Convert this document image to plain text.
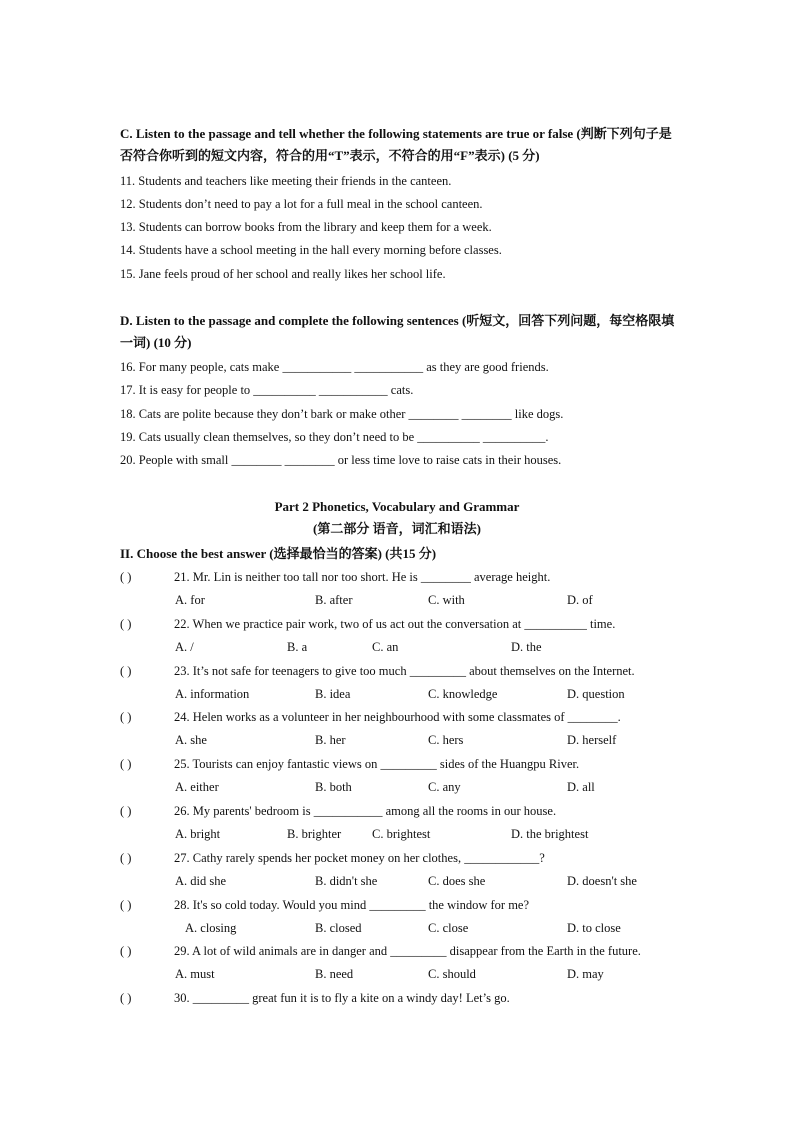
C. Listen to the passage and tell whether the following statements are true or false (判断下列句子是否符合你听到的短文内容，符合的用“T”表示，不符合的用“F”表示) (5 分)
11. Students and teachers like meeting their friends in the canteen.
12. Students don’t need to pay a lot for a full meal in the school canteen.
13. Students can borrow books from the library and keep them for a week.
14. Students have a school meeting in the hall every morning before classes.
15. Jane feels proud of her school and really likes her school life.
D. Listen to the passage and complete the following sentences (听短文，回答下列问题，每空格限填一词) (10 分)
16. For many people, cats make ___________ ___________ as they are good friends.
17. It is easy for people to __________ ___________ cats.
18. Cats are polite because they don’t bark or make other ________ ________ like dogs.
19. Cats usually clean themselves, so they don’t need to be __________ __________.
20. People with small ________ ________ or less time love to raise cats in their houses.
Part 2 Phonetics, Vocabulary and Grammar
(第二部分 语音，词汇和语法)
II. Choose the best answer (选择最恰当的答案) (共15 分)
( )	21. Mr. Lin is neither too tall nor too short. He is ________ average height.
A. for	B. after	C. with	D. of
( )	22. When we practice pair work, two of us act out the conversation at __________ time.
A. /	B. a	C. an	D. the
( )	23. It’s not safe for teenagers to give too much _________ about themselves on the Internet.
A. information	B. idea	C. knowledge	D. question
( )	24. Helen works as a volunteer in her neighbourhood with some classmates of ________.
A. she	B. her	C. hers	D. herself
( )	25. Tourists can enjoy fantastic views on _________ sides of the Huangpu River.
A. either	B. both	C. any	D. all
( )	26. My parents' bedroom is ___________ among all the rooms in our house.
A. bright	B. brighter C. brightest	D. the brightest
( )	27. Cathy rarely spends her pocket money on her clothes, ____________?
A. did she	B. didn't she	C. does she	D. doesn't she
( )	28. It's so cold today. Would you mind _________ the window for me?
A. closing	B. closed	C. close	D. to close
( )	29. A lot of wild animals are in danger and _________ disappear from the Earth in the future.
A. must	B. need	C. should	D. may
( )	30. _________ great fun it is to fly a kite on a windy day! Let’s go.
